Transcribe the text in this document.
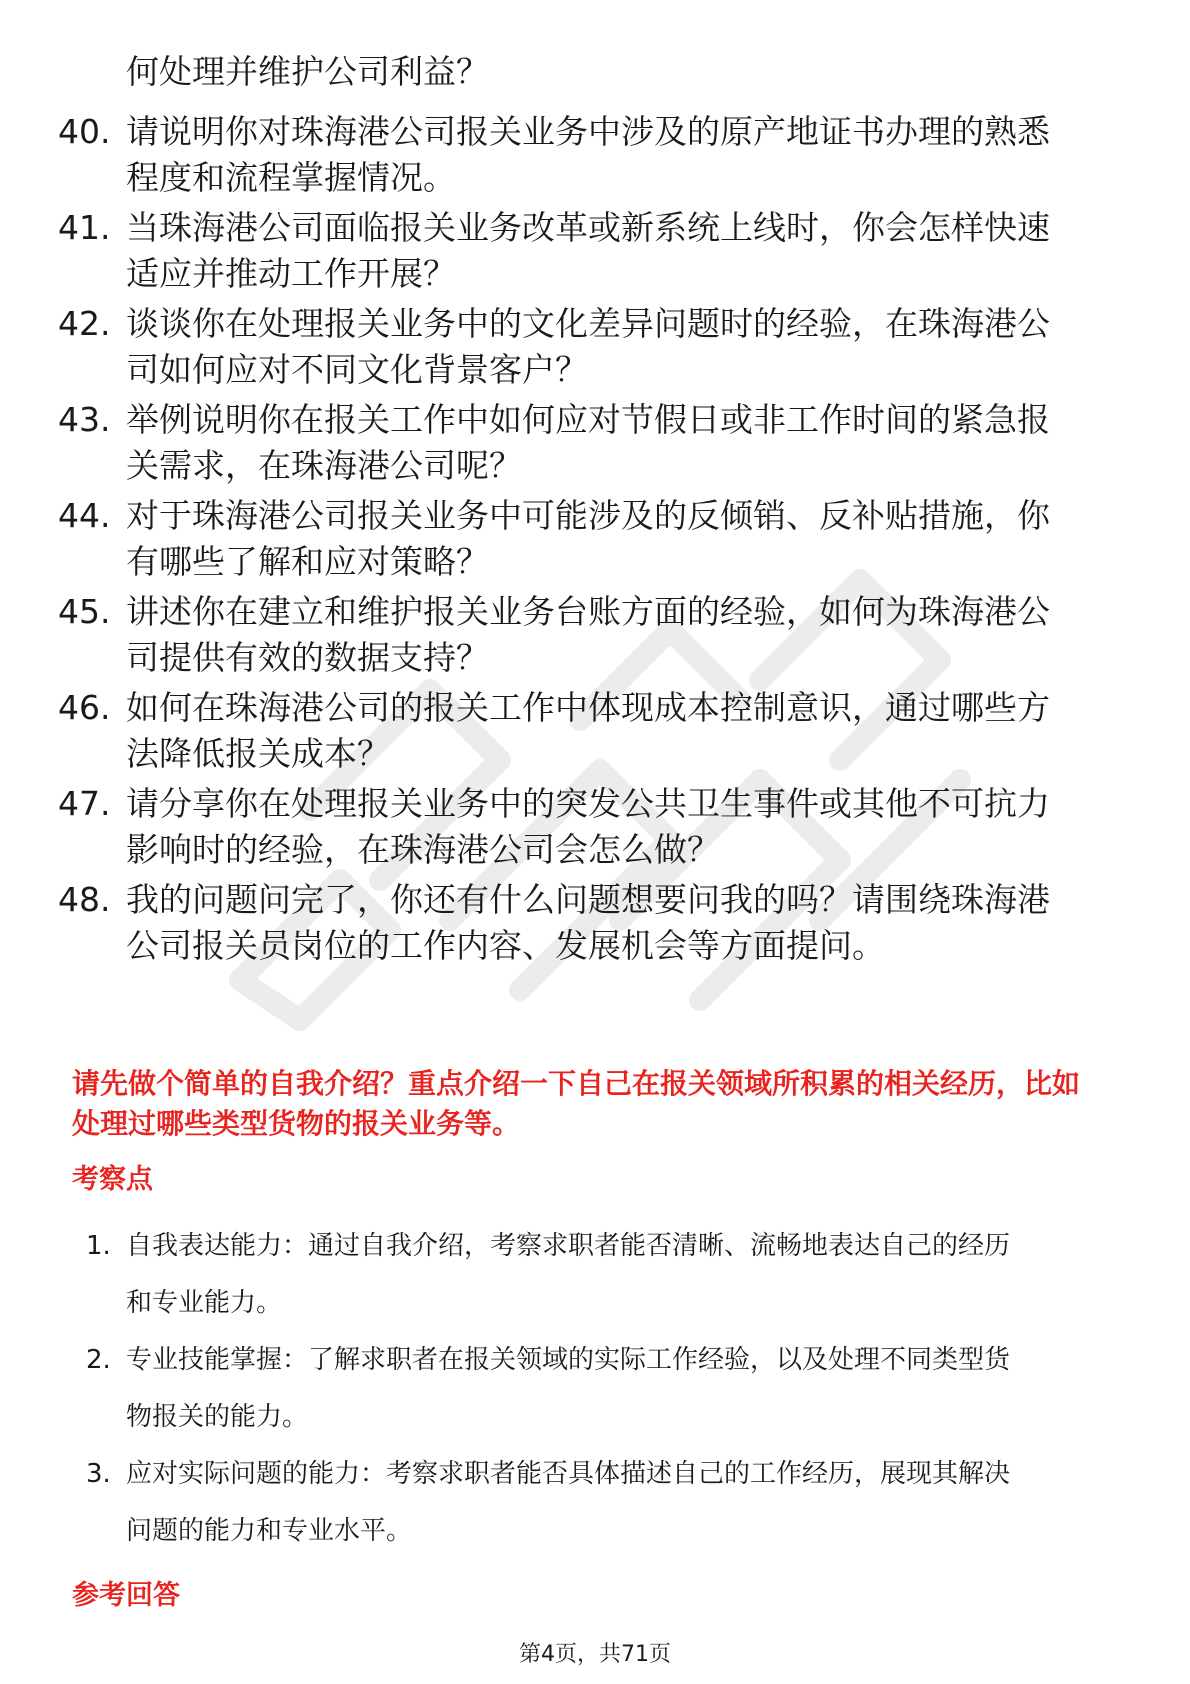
何处理并维护公司利益？
40. 请说明你对珠海港公司报关业务中涉及的原产地证书办理的熟悉
程度和流程掌握情况。
41. 当珠海港公司面临报关业务改革或新系统上线时，你会怎样快速
适应并推动工作开展？
42. 谈谈你在处理报关业务中的文化差异问题时的经验，在珠海港公
司如何应对不同文化背景客户？
43. 举例说明你在报关工作中如何应对节假日或非工作时间的紧急报
关需求，在珠海港公司呢？
44. 对于珠海港公司报关业务中可能涉及的反倾销、反补贴措施，你
有哪些了解和应对策略？
45. 讲述你在建立和维护报关业务台账方面的经验，如何为珠海港公
司提供有效的数据支持？
46. 如何在珠海港公司的报关工作中体现成本控制意识，通过哪些方
法降低报关成本？
47. 请分享你在处理报关业务中的突发公共卫生事件或其他不可抗力
影响时的经验，在珠海港公司会怎么做？
48. 我的问题问完了，你还有什么问题想要问我的吗？请围绕珠海港
公司报关员岗位的工作内容、发展机会等方面提问。
请先做个简单的自我介绍？重点介绍一下自己在报关领域所积累的相关经历，比如
处理过哪些类型货物的报关业务等。
考察点
1. 自我表达能力：通过自我介绍，考察求职者能否清晰、流畅地表达自己的经历
和专业能力。
2. 专业技能掌握：了解求职者在报关领域的实际工作经验，以及处理不同类型货
物报关的能力。
3. 应对实际问题的能力：考察求职者能否具体描述自己的工作经历，展现其解决
问题的能力和专业水平。
参考回答
第4页，共71页
